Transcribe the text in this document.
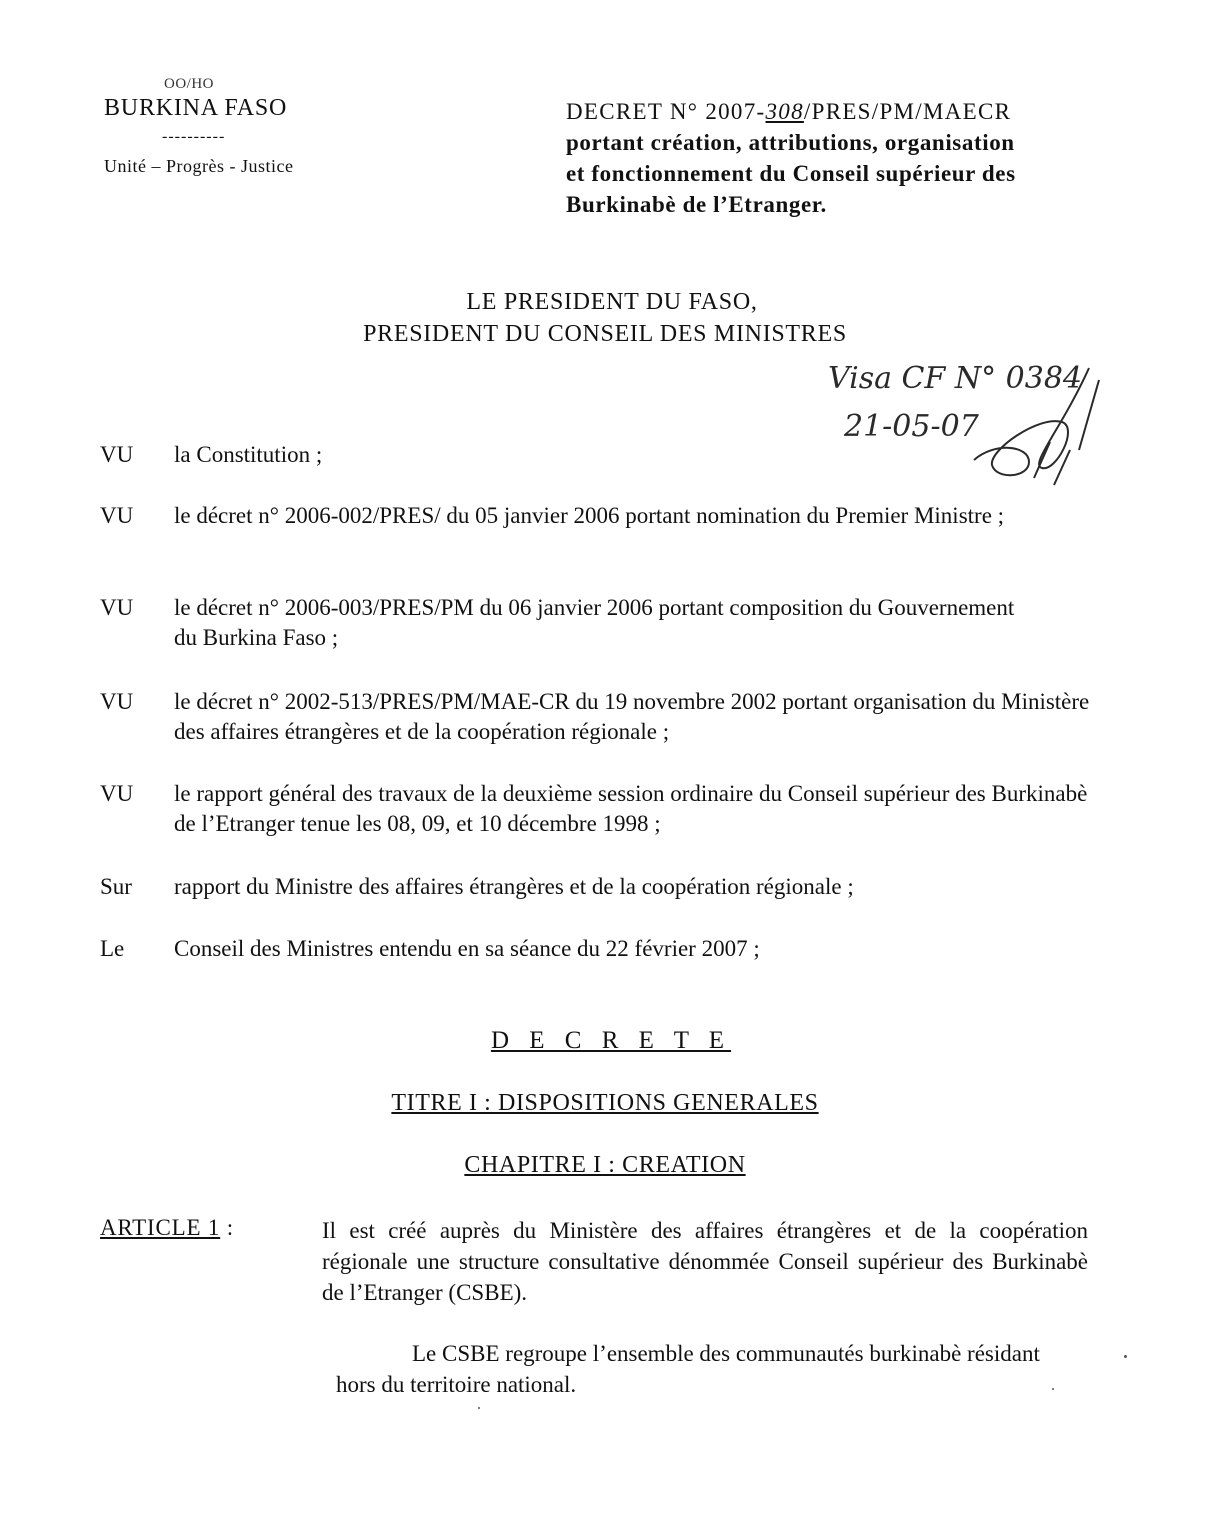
OO/HO
BURKINA FASO
----------
Unité – Progrès - Justice
DECRET N° 2007-308/PRES/PM/MAECR
portant création, attributions, organisation
et fonctionnement du Conseil supérieur des
Burkinabè de l’Etranger.
LE PRESIDENT DU FASO,
PRESIDENT DU CONSEIL DES MINISTRES
Visa CF N° 0384
21-05-07
VU	la Constitution ;
VU	le décret n° 2006-002/PRES/ du 05 janvier 2006 portant nomination du Premier Ministre ;
VU	le décret n° 2006-003/PRES/PM du 06 janvier 2006 portant composition du Gouvernement du Burkina Faso ;
VU	le décret n° 2002-513/PRES/PM/MAE-CR du 19 novembre 2002 portant organisation du Ministère des affaires étrangères et de la coopération régionale ;
VU	le rapport général des travaux de la deuxième session ordinaire du Conseil supérieur des Burkinabè de l’Etranger tenue les 08, 09, et 10 décembre 1998 ;
Sur	rapport du Ministre des affaires étrangères et de la coopération régionale ;
Le	Conseil des Ministres entendu en sa séance du 22 février 2007 ;
D E C R E T E
TITRE I : DISPOSITIONS GENERALES
CHAPITRE I : CREATION
ARTICLE 1 :	Il est créé auprès du Ministère des affaires étrangères et de la coopération régionale une structure consultative dénommée Conseil supérieur des Burkinabè de l’Etranger (CSBE).
Le CSBE regroupe l’ensemble des communautés burkinabè résidant hors du territoire national.
